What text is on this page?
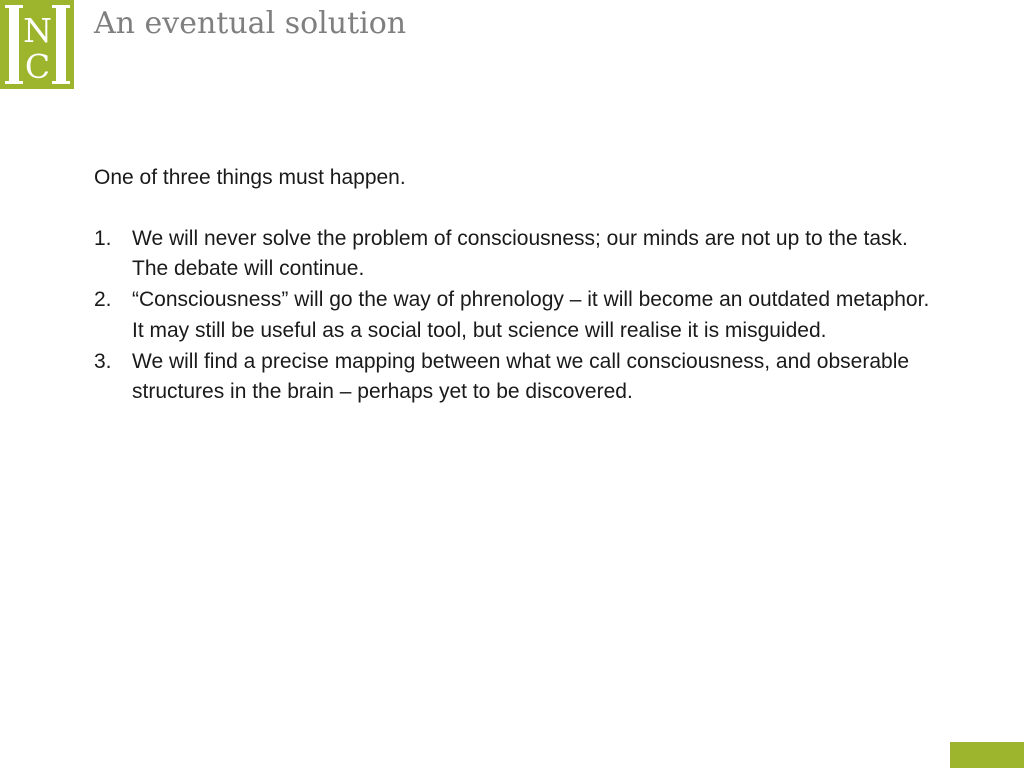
N
C
An eventual solution

One of three things must happen.

1. We will never solve the problem of consciousness; our minds are not up to the task. The debate will continue.
2. “Consciousness” will go the way of phrenology – it will become an outdated metaphor. It may still be useful as a social tool, but science will realise it is misguided.
3. We will find a precise mapping between what we call consciousness, and obserable structures in the brain – perhaps yet to be discovered.
